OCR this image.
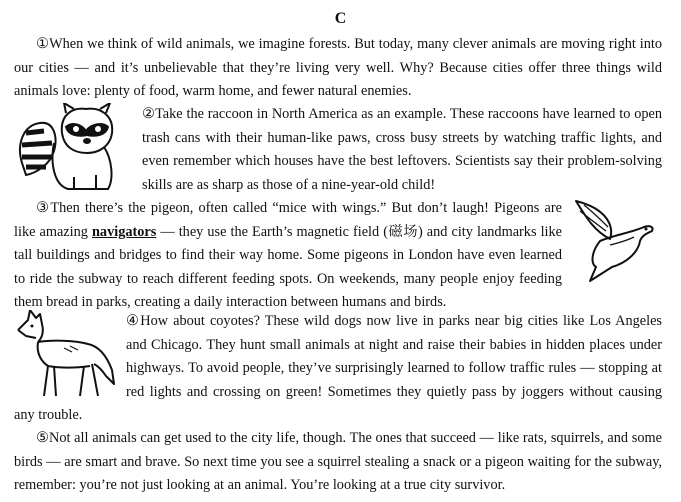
C

①When we think of wild animals, we imagine forests. But today, many clever animals are moving right into our cities — and it’s unbelievable that they’re living very well. Why? Because cities offer three things wild animals love: plenty of food, warm home, and fewer natural enemies.

②Take the raccoon in North America as an example. These raccoons have learned to open trash cans with their human-like paws, cross busy streets by watching traffic lights, and even remember which houses have the best leftovers. Scientists say their problem-solving skills are as sharp as those of a nine-year-old child!
③Then there’s the pigeon, often called “mice with wings.” But don’t laugh! Pigeons are like amazing navigators — they use the Earth’s magnetic field (磁场) and city landmarks like tall buildings and bridges to find their way home. Some pigeons in London have even learned to ride the subway to reach different feeding spots. On weekends, many people enjoy feeding them bread in parks, creating a daily interaction between humans and birds.
④How about coyotes? These wild dogs now live in parks near big cities like Los Angeles and Chicago. They hunt small animals at night and raise their babies in hidden places under highways. To avoid people, they’ve surprisingly learned to follow traffic rules — stopping at red lights and crossing on green! Sometimes they quietly pass by joggers without causing any trouble.

⑤Not all animals can get used to the city life, though. The ones that succeed — like rats, squirrels, and some birds — are smart and brave. So next time you see a squirrel stealing a snack or a pigeon waiting for the subway, remember: you’re not just looking at an animal. You’re looking at a true city survivor.
